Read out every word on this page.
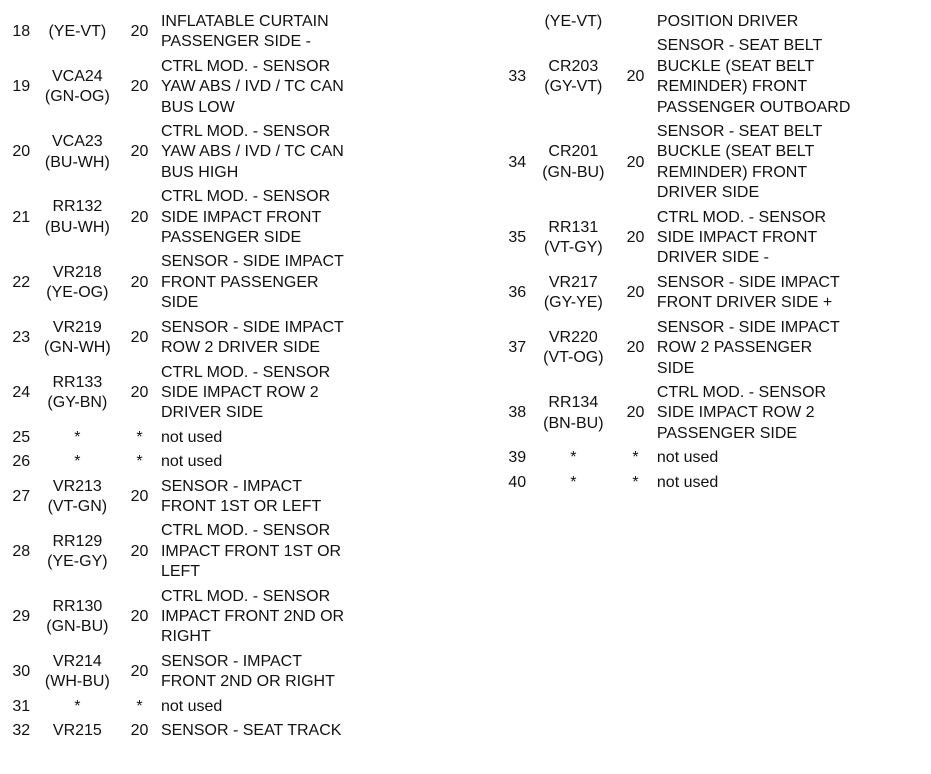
18	(YE-VT)	20	INFLATABLE CURTAIN
PASSENGER SIDE -

19	VCA24
(GN-OG)	20	CTRL MOD. - SENSOR
YAW ABS / IVD / TC CAN
BUS LOW

20	VCA23
(BU-WH)	20	CTRL MOD. - SENSOR
YAW ABS / IVD / TC CAN
BUS HIGH

21	RR132
(BU-WH)	20	CTRL MOD. - SENSOR
SIDE IMPACT FRONT
PASSENGER SIDE

22	VR218
(YE-OG)	20	SENSOR - SIDE IMPACT
FRONT PASSENGER
SIDE

23	VR219
(GN-WH)	20	SENSOR - SIDE IMPACT
ROW 2 DRIVER SIDE

24	RR133
(GY-BN)	20	CTRL MOD. - SENSOR
SIDE IMPACT ROW 2
DRIVER SIDE

25	*	*	not used

26	*	*	not used

27	VR213
(VT-GN)	20	SENSOR - IMPACT
FRONT 1ST OR LEFT

28	RR129
(YE-GY)	20	CTRL MOD. - SENSOR
IMPACT FRONT 1ST OR
LEFT

29	RR130
(GN-BU)	20	CTRL MOD. - SENSOR
IMPACT FRONT 2ND OR
RIGHT

30	VR214
(WH-BU)	20	SENSOR - IMPACT
FRONT 2ND OR RIGHT

31	*	*	not used

32	VR215	20	SENSOR - SEAT TRACK

	(YE-VT)		POSITION DRIVER

33	CR203
(GY-VT)	20	SENSOR - SEAT BELT
BUCKLE (SEAT BELT
REMINDER) FRONT
PASSENGER OUTBOARD

34	CR201
(GN-BU)	20	SENSOR - SEAT BELT
BUCKLE (SEAT BELT
REMINDER) FRONT
DRIVER SIDE

35	RR131
(VT-GY)	20	CTRL MOD. - SENSOR
SIDE IMPACT FRONT
DRIVER SIDE -

36	VR217
(GY-YE)	20	SENSOR - SIDE IMPACT
FRONT DRIVER SIDE +

37	VR220
(VT-OG)	20	SENSOR - SIDE IMPACT
ROW 2 PASSENGER
SIDE

38	RR134
(BN-BU)	20	CTRL MOD. - SENSOR
SIDE IMPACT ROW 2
PASSENGER SIDE

39	*	*	not used

40	*	*	not used
